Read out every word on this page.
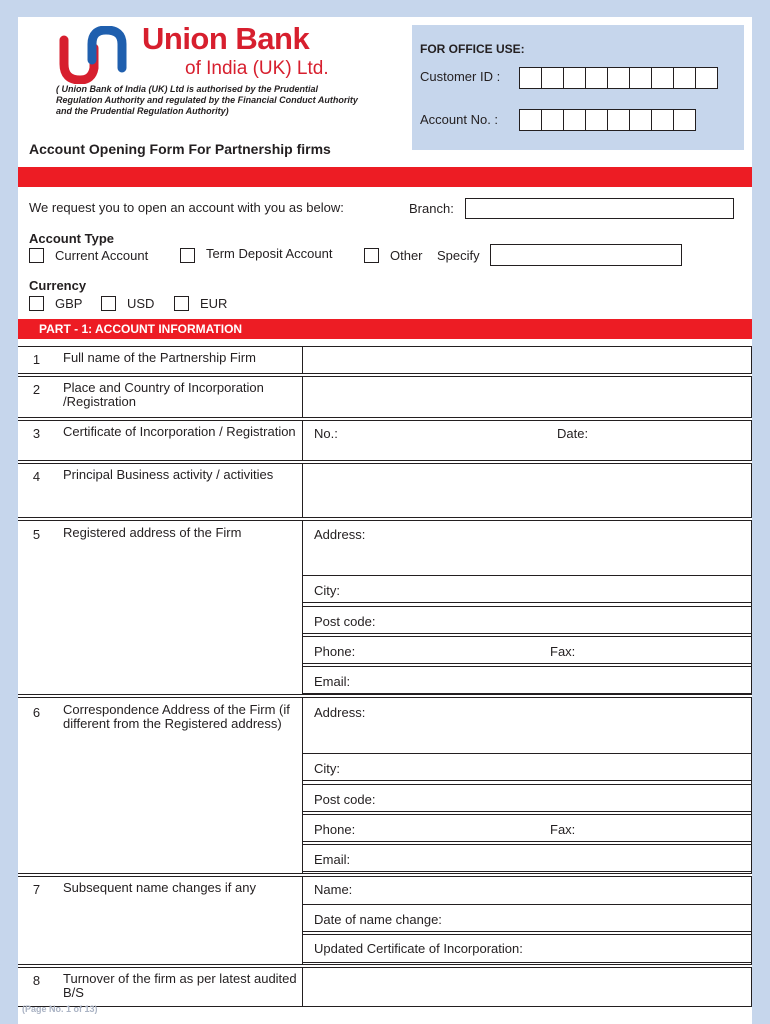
Union Bank
of India (UK) Ltd.
( Union Bank of India (UK) Ltd is authorised by the Prudential Regulation Authority and regulated by the Financial Conduct Authority and the Prudential Regulation Authority)
FOR OFFICE USE:
Customer ID :
Account No. :
Account Opening Form For Partnership firms
We request you to open an account with you as below:	Branch:
Account Type
Current Account	Term Deposit Account	Other Specify
Currency
GBP	USD	EUR
PART - 1: ACCOUNT INFORMATION
1	Full name of the Partnership Firm
2	Place and Country of Incorporation /Registration
3	Certificate of Incorporation / Registration No.:	Date:
4	Principal Business activity / activities
5	Registered address of the Firm	Address:
City:
Post code:
Phone:	Fax:
Email:
6	Correspondence Address of the Firm (if different from the Registered address)
Address:
City:
Post code:
Phone:	Fax:
Email:
7	Subsequent name changes if any	Name:
Date of name change:
Updated Certificate of Incorporation:
8	Turnover of the firm as per latest audited B/S
(Page No. 1 of 13)
